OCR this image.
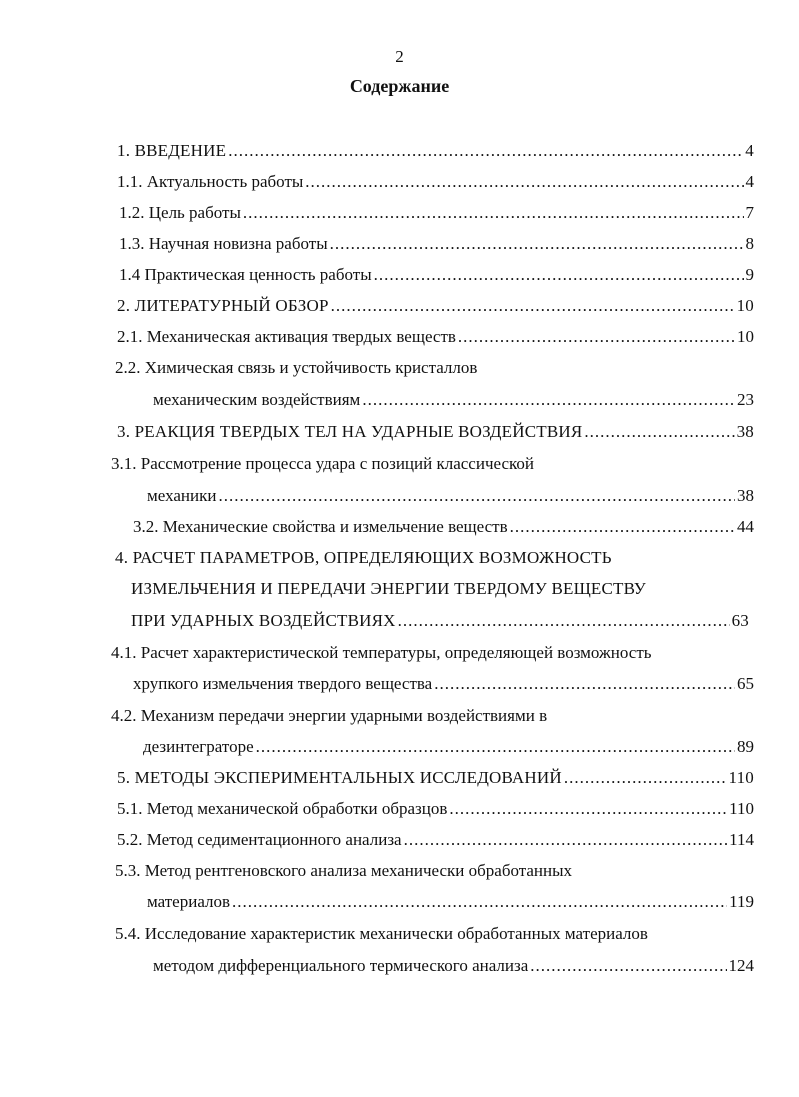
2
Содержание
1. ВВЕДЕНИЕ .....	4
1.1. Актуальность работы .....	4
1.2. Цель работы .....	7
1.3. Научная новизна работы .....	8
1.4 Практическая ценность работы .....	9
2. ЛИТЕРАТУРНЫЙ ОБЗОР .....	10
2.1. Механическая активация твердых веществ .....	10
2.2. Химическая связь и устойчивость кристаллов
механическим воздействиям .....	23
3. РЕАКЦИЯ ТВЕРДЫХ ТЕЛ НА УДАРНЫЕ ВОЗДЕЙСТВИЯ .....	38
3.1. Рассмотрение процесса удара с позиций классической
механики .....	38
3.2. Механические свойства и измельчение веществ .....	44
4. РАСЧЕТ ПАРАМЕТРОВ, ОПРЕДЕЛЯЮЩИХ ВОЗМОЖНОСТЬ
ИЗМЕЛЬЧЕНИЯ И ПЕРЕДАЧИ ЭНЕРГИИ ТВЕРДОМУ ВЕЩЕСТВУ
ПРИ УДАРНЫХ ВОЗДЕЙСТВИЯХ .....	63
4.1. Расчет характеристической температуры, определяющей возможность
хрупкого измельчения твердого вещества .....	65
4.2. Механизм передачи энергии ударными воздействиями в
дезинтеграторе .....	89
5. МЕТОДЫ ЭКСПЕРИМЕНТАЛЬНЫХ ИССЛЕДОВАНИЙ .....	110
5.1. Метод механической обработки образцов .....	110
5.2. Метод седиментационного анализа .....	114
5.3. Метод рентгеновского анализа механически обработанных
материалов .....	119
5.4. Исследование характеристик механически обработанных материалов
методом дифференциального термического анализа .....	124
